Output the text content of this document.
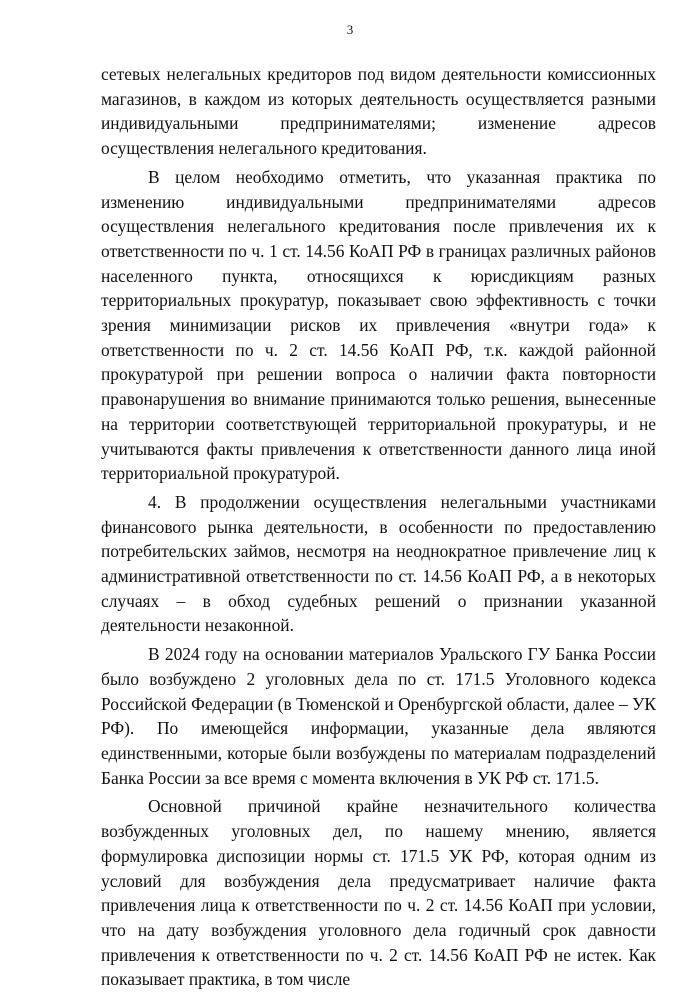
3

сетевых нелегальных кредиторов под видом деятельности комиссионных магазинов, в каждом из которых деятельность осуществляется разными индивидуальными предпринимателями; изменение адресов осуществления нелегального кредитования.

В целом необходимо отметить, что указанная практика по изменению индивидуальными предпринимателями адресов осуществления нелегального кредитования после привлечения их к ответственности по ч. 1 ст. 14.56 КоАП РФ в границах различных районов населенного пункта, относящихся к юрисдикциям разных территориальных прокуратур, показывает свою эффективность с точки зрения минимизации рисков их привлечения «внутри года» к ответственности по ч. 2 ст. 14.56 КоАП РФ, т.к. каждой районной прокуратурой при решении вопроса о наличии факта повторности правонарушения во внимание принимаются только решения, вынесенные на территории соответствующей территориальной прокуратуры, и не учитываются факты привлечения к ответственности данного лица иной территориальной прокуратурой.

4. В продолжении осуществления нелегальными участниками финансового рынка деятельности, в особенности по предоставлению потребительских займов, несмотря на неоднократное привлечение лиц к административной ответственности по ст. 14.56 КоАП РФ, а в некоторых случаях – в обход судебных решений о признании указанной деятельности незаконной.

В 2024 году на основании материалов Уральского ГУ Банка России было возбуждено 2 уголовных дела по ст. 171.5 Уголовного кодекса Российской Федерации (в Тюменской и Оренбургской области, далее – УК РФ). По имеющейся информации, указанные дела являются единственными, которые были возбуждены по материалам подразделений Банка России за все время с момента включения в УК РФ ст. 171.5.

Основной причиной крайне незначительного количества возбужденных уголовных дел, по нашему мнению, является формулировка диспозиции нормы ст. 171.5 УК РФ, которая одним из условий для возбуждения дела предусматривает наличие факта привлечения лица к ответственности по ч. 2 ст. 14.56 КоАП при условии, что на дату возбуждения уголовного дела годичный срок давности привлечения к ответственности по ч. 2 ст. 14.56 КоАП РФ не истек. Как показывает практика, в том числе
